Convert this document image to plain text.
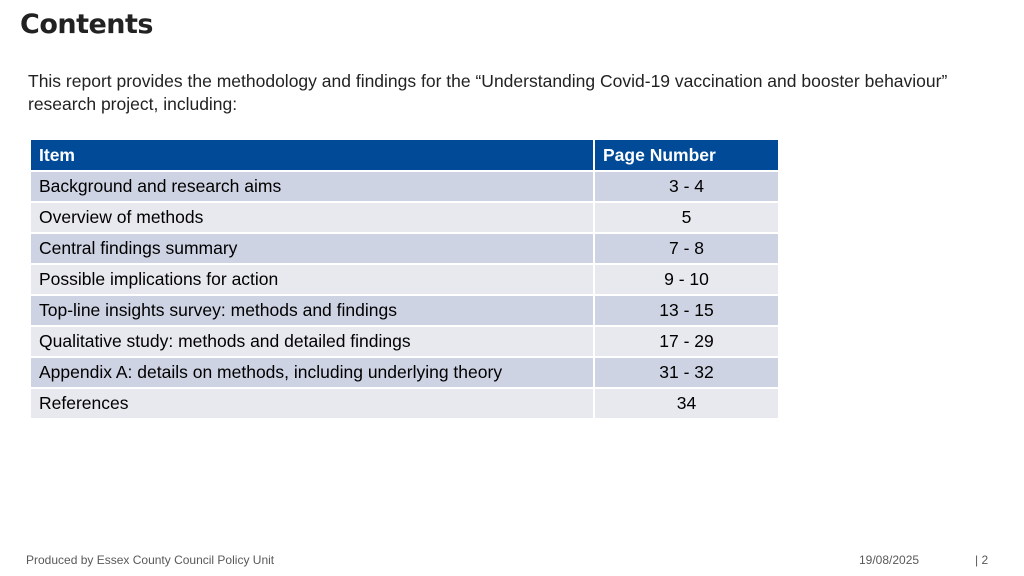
Contents
This report provides the methodology and findings for the “Understanding Covid-19 vaccination and booster behaviour” research project, including:
Item	Page Number
Background and research aims	3 - 4
Overview of methods	5
Central findings summary	7 - 8
Possible implications for action	9 - 10
Top-line insights survey: methods and findings	13 - 15
Qualitative study: methods and detailed findings	17 - 29
Appendix A: details on methods, including underlying theory	31 - 32
References	34
Produced by Essex County Council Policy Unit	19/08/2025	| 2
